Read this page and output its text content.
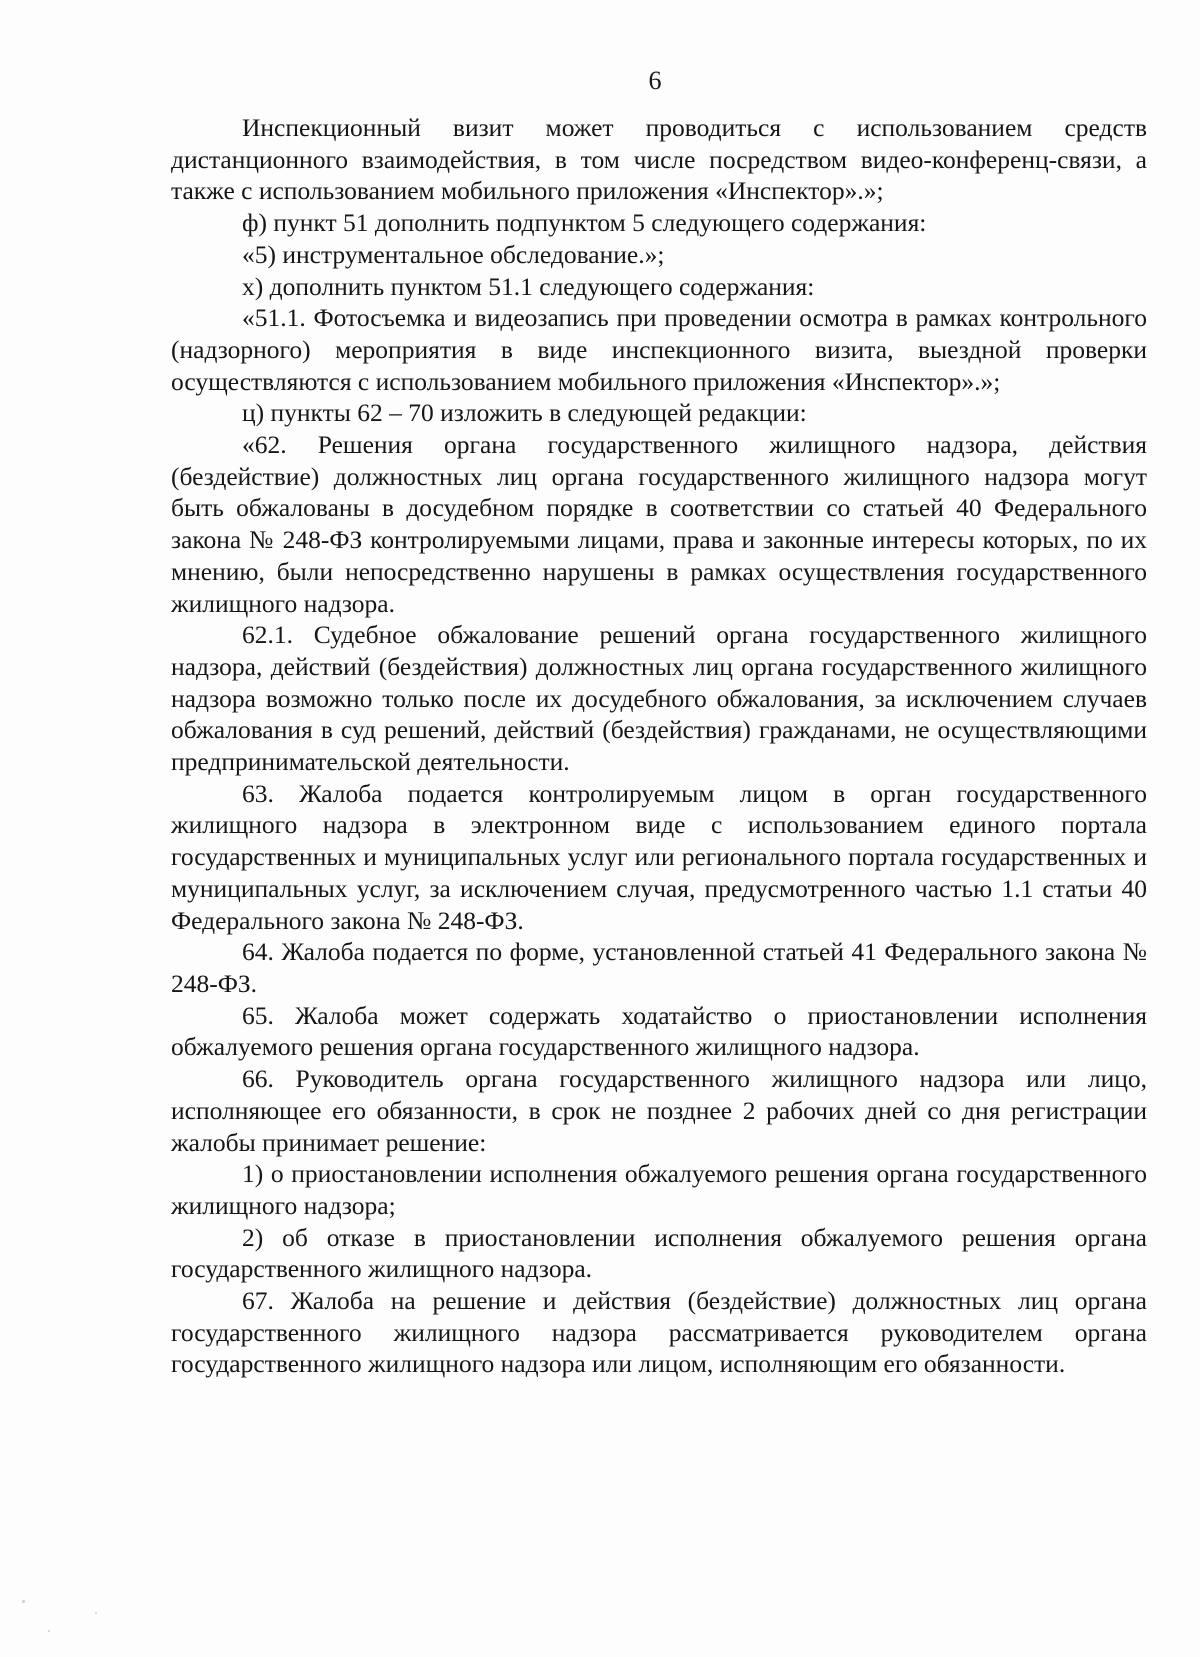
6

Инспекционный визит может проводиться с использованием средств дистанционного взаимодействия, в том числе посредством видео-конференц-связи, а также с использованием мобильного приложения «Инспектор».»;

ф) пункт 51 дополнить подпунктом 5 следующего содержания:

«5) инструментальное обследование.»;

х) дополнить пунктом 51.1 следующего содержания:

«51.1. Фотосъемка и видеозапись при проведении осмотра в рамках контрольного (надзорного) мероприятия в виде инспекционного визита, выездной проверки осуществляются с использованием мобильного приложения «Инспектор».»;

ц) пункты 62 – 70 изложить в следующей редакции:

«62. Решения органа государственного жилищного надзора, действия (бездействие) должностных лиц органа государственного жилищного надзора могут быть обжалованы в досудебном порядке в соответствии со статьей 40 Федерального закона № 248-ФЗ контролируемыми лицами, права и законные интересы которых, по их мнению, были непосредственно нарушены в рамках осуществления государственного жилищного надзора.

62.1. Судебное обжалование решений органа государственного жилищного надзора, действий (бездействия) должностных лиц органа государственного жилищного надзора возможно только после их досудебного обжалования, за исключением случаев обжалования в суд решений, действий (бездействия) гражданами, не осуществляющими предпринимательской деятельности.

63. Жалоба подается контролируемым лицом в орган государственного жилищного надзора в электронном виде с использованием единого портала государственных и муниципальных услуг или регионального портала государственных и муниципальных услуг, за исключением случая, предусмотренного частью 1.1 статьи 40 Федерального закона № 248-ФЗ.

64. Жалоба подается по форме, установленной статьей 41 Федерального закона № 248-ФЗ.

65. Жалоба может содержать ходатайство о приостановлении исполнения обжалуемого решения органа государственного жилищного надзора.

66. Руководитель органа государственного жилищного надзора или лицо, исполняющее его обязанности, в срок не позднее 2 рабочих дней со дня регистрации жалобы принимает решение:

1) о приостановлении исполнения обжалуемого решения органа государственного жилищного надзора;

2) об отказе в приостановлении исполнения обжалуемого решения органа государственного жилищного надзора.

67. Жалоба на решение и действия (бездействие) должностных лиц органа государственного жилищного надзора рассматривается руководителем органа государственного жилищного надзора или лицом, исполняющим его обязанности.
